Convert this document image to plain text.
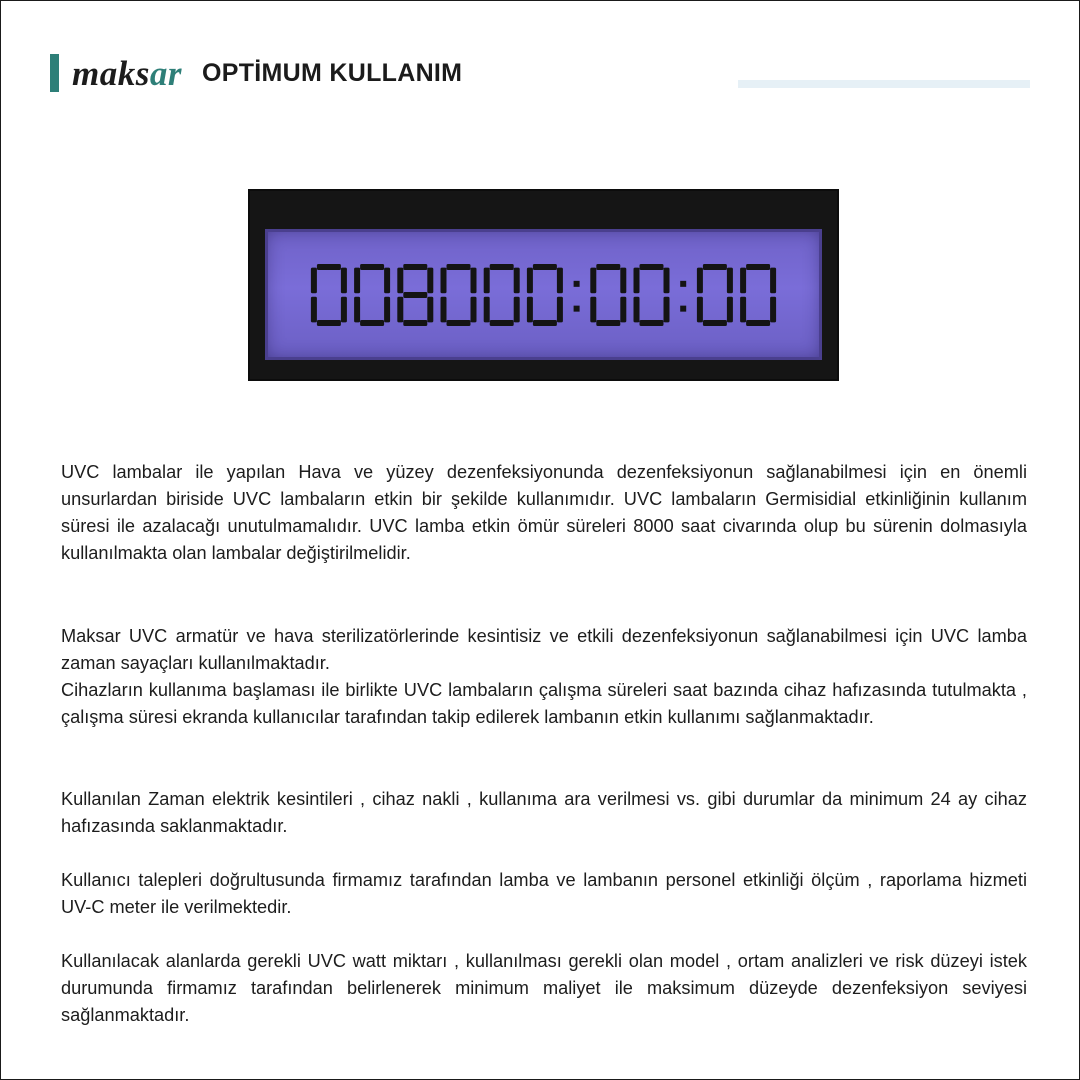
maksar OPTİMUM KULLANIM

UVC lambalar ile yapılan Hava ve yüzey dezenfeksiyonunda dezenfeksiyonun sağlanabilmesi için en önemli unsurlardan biriside UVC lambaların etkin bir şekilde kullanımıdır. UVC lambaların Germisidial etkinliğinin kullanım süresi ile azalacağı unutulmamalıdır. UVC lamba etkin ömür süreleri 8000 saat civarında olup bu sürenin dolmasıyla kullanılmakta olan lambalar değiştirilmelidir.

Maksar UVC armatür ve hava sterilizatörlerinde kesintisiz ve etkili dezenfeksiyonun sağlanabilmesi için UVC lamba zaman sayaçları kullanılmaktadır.

Cihazların kullanıma başlaması ile birlikte UVC lambaların çalışma süreleri saat bazında cihaz hafızasında tutulmakta , çalışma süresi ekranda kullanıcılar tarafından takip edilerek lambanın etkin kullanımı sağlanmaktadır.

Kullanılan Zaman elektrik kesintileri , cihaz nakli , kullanıma ara verilmesi vs. gibi durumlar da minimum 24 ay cihaz hafızasında saklanmaktadır.

Kullanıcı talepleri doğrultusunda firmamız tarafından lamba ve lambanın personel etkinliği ölçüm , raporlama hizmeti UV-C meter ile verilmektedir.

Kullanılacak alanlarda gerekli UVC watt miktarı , kullanılması gerekli olan model , ortam analizleri ve risk düzeyi istek durumunda firmamız tarafından belirlenerek minimum maliyet ile maksimum düzeyde dezenfeksiyon seviyesi sağlanmaktadır.
